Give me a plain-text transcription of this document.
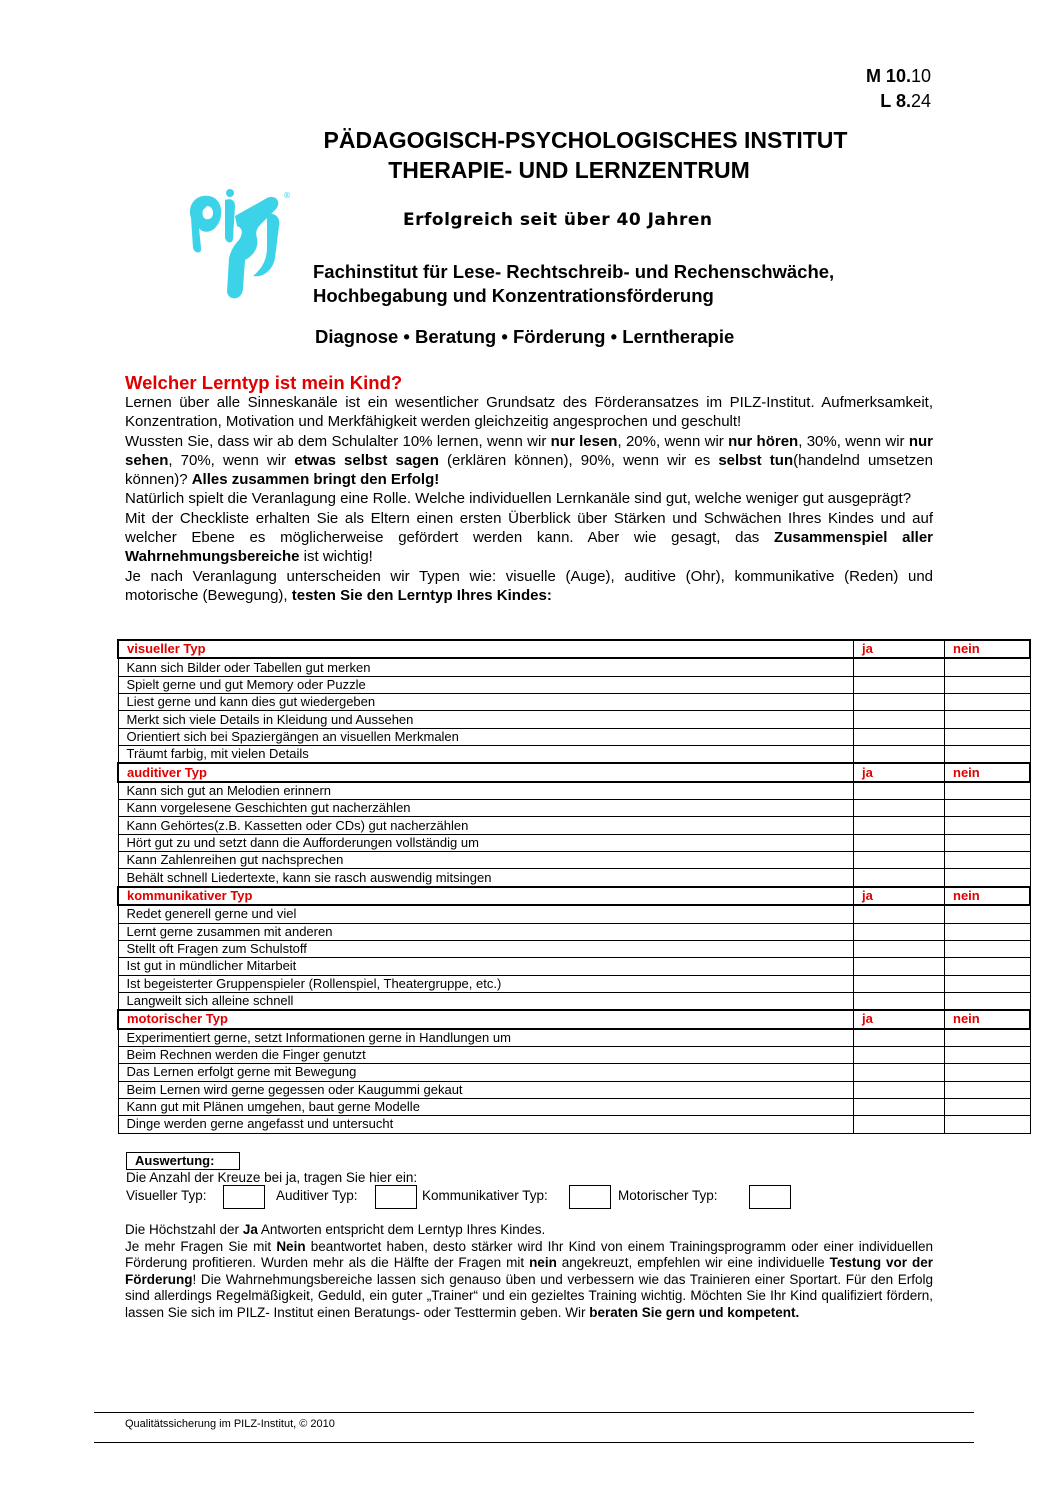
M 10.10
L 8.24
PÄDAGOGISCH-PSYCHOLOGISCHES INSTITUT
THERAPIE- UND LERNZENTRUM
®
Erfolgreich seit über 40 Jahren
Fachinstitut für Lese- Rechtschreib- und Rechenschwäche,
Hochbegabung und Konzentrationsförderung
Diagnose • Beratung • Förderung • Lerntherapie
Welcher Lerntyp ist mein Kind?

Lernen über alle Sinneskanäle ist ein wesentlicher Grundsatz des Förderansatzes im PILZ-Institut. Aufmerksamkeit, Konzentration, Motivation und Merkfähigkeit werden gleichzeitig angesprochen und geschult!

Wussten Sie, dass wir ab dem Schulalter 10% lernen, wenn wir nur lesen, 20%, wenn wir nur hören, 30%, wenn wir nur sehen, 70%, wenn wir etwas selbst sagen (erklären können), 90%, wenn wir es selbst tun(handelnd umsetzen können)? Alles zusammen bringt den Erfolg!

Natürlich spielt die Veranlagung eine Rolle. Welche individuellen Lernkanäle sind gut, welche weniger gut ausgeprägt?

Mit der Checkliste erhalten Sie als Eltern einen ersten Überblick über Stärken und Schwächen Ihres Kindes und auf welcher Ebene es möglicherweise gefördert werden kann. Aber wie gesagt, das Zusammenspiel aller Wahrnehmungsbereiche ist wichtig!

Je nach Veranlagung unterscheiden wir Typen wie: visuelle (Auge), auditive (Ohr), kommunikative (Reden) und motorische (Bewegung), testen Sie den Lerntyp Ihres Kindes:

visueller Typ	ja	nein
Kann sich Bilder oder Tabellen gut merken		
Spielt gerne und gut Memory oder Puzzle		
Liest gerne und kann dies gut wiedergeben		
Merkt sich viele Details in Kleidung und Aussehen		
Orientiert sich bei Spaziergängen an visuellen Merkmalen		
Träumt farbig, mit vielen Details		
auditiver Typ	ja	nein
Kann sich gut an Melodien erinnern		
Kann vorgelesene Geschichten gut nacherzählen		
Kann Gehörtes(z.B. Kassetten oder CDs) gut nacherzählen		
Hört gut zu und setzt dann die Aufforderungen vollständig um		
Kann Zahlenreihen gut nachsprechen		
Behält schnell Liedertexte, kann sie rasch auswendig mitsingen		
kommunikativer Typ	ja	nein
Redet generell gerne und viel		
Lernt gerne zusammen mit anderen		
Stellt oft Fragen zum Schulstoff		
Ist gut in mündlicher Mitarbeit		
Ist begeisterter Gruppenspieler (Rollenspiel, Theatergruppe, etc.)		
Langweilt sich alleine schnell		
motorischer Typ	ja	nein
Experimentiert gerne, setzt Informationen gerne in Handlungen um		
Beim Rechnen werden die Finger genutzt		
Das Lernen erfolgt gerne mit Bewegung		
Beim Lernen wird gerne gegessen oder Kaugummi gekaut		
Kann gut mit Plänen umgehen, baut gerne Modelle		
Dinge werden gerne angefasst und untersucht		
Auswertung:
Die Anzahl der Kreuze bei ja, tragen Sie hier ein:
Visueller Typ:	Auditiver Typ:	Kommunikativer Typ:	Motorischer Typ:

Die Höchstzahl der Ja Antworten entspricht dem Lerntyp Ihres Kindes.

Je mehr Fragen Sie mit Nein beantwortet haben, desto stärker wird Ihr Kind von einem Trainingsprogramm oder einer individuellen Förderung profitieren. Wurden mehr als die Hälfte der Fragen mit nein angekreuzt, empfehlen wir eine individuelle Testung vor der Förderung! Die Wahrnehmungsbereiche lassen sich genauso üben und verbessern wie das Trainieren einer Sportart. Für den Erfolg sind allerdings Regelmäßigkeit, Geduld, ein guter „Trainer“ und ein gezieltes Training wichtig. Möchten Sie Ihr Kind qualifiziert fördern, lassen Sie sich im PILZ- Institut einen Beratungs- oder Testtermin geben. Wir beraten Sie gern und kompetent.

Qualitätssicherung im PILZ-Institut, © 2010
